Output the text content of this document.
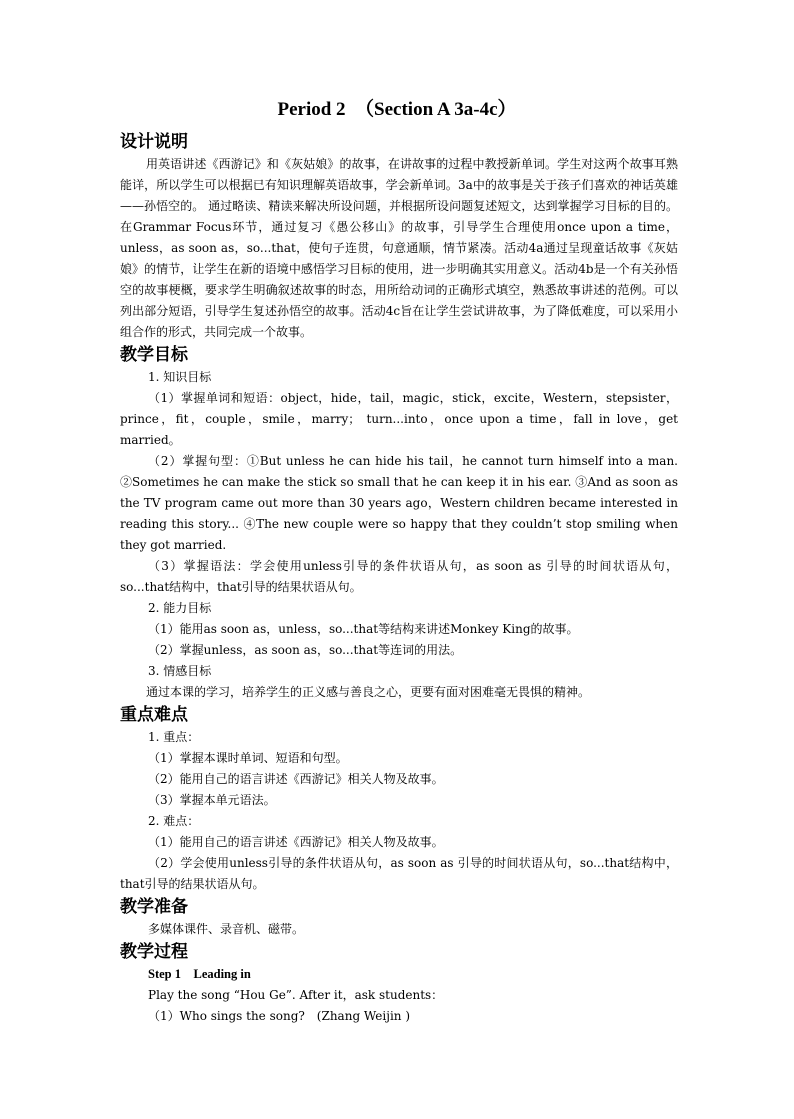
Period 2　（Section A 3a-4c）
设计说明

用英语讲述《西游记》和《灰姑娘》的故事，在讲故事的过程中教授新单词。学生对这两个故事耳熟能详，所以学生可以根据已有知识理解英语故事，学会新单词。3a中的故事是关于孩子们喜欢的神话英雄——孙悟空的。 通过略读、精读来解决所设问题，并根据所设问题复述短文，达到掌握学习目标的目的。在Grammar Focus环节，通过复习《愚公移山》的故事，引导学生合理使用once upon a time，unless，as soon as，so...that，使句子连贯，句意通顺，情节紧凑。活动4a通过呈现童话故事《灰姑娘》的情节，让学生在新的语境中感悟学习目标的使用，进一步明确其实用意义。活动4b是一个有关孙悟空的故事梗概，要求学生明确叙述故事的时态，用所给动词的正确形式填空，熟悉故事讲述的范例。可以列出部分短语，引导学生复述孙悟空的故事。活动4c旨在让学生尝试讲故事，为了降低难度，可以采用小组合作的形式，共同完成一个故事。

教学目标

1. 知识目标

（1）掌握单词和短语：object，hide，tail，magic，stick，excite，Western，stepsister，prince，fit，couple，smile，marry； turn...into，once upon a time，fall in love，get married。

（2）掌握句型：①But unless he can hide his tail，he cannot turn himself into a man. ②Sometimes he can make the stick so small that he can keep it in his ear. ③And as soon as the TV program came out more than 30 years ago，Western children became interested in reading this story... ④The new couple were so happy that they couldn’t stop smiling when they got married.

（3）掌握语法：学会使用unless引导的条件状语从句，as soon as 引导的时间状语从句，so...that结构中，that引导的结果状语从句。

2. 能力目标

（1）能用as soon as，unless，so...that等结构来讲述Monkey King的故事。

（2）掌握unless，as soon as，so...that等连词的用法。

3. 情感目标

通过本课的学习，培养学生的正义感与善良之心，更要有面对困难毫无畏惧的精神。

重点难点

1. 重点：

（1）掌握本课时单词、短语和句型。

（2）能用自己的语言讲述《西游记》相关人物及故事。

（3）掌握本单元语法。

2. 难点：

（1）能用自己的语言讲述《西游记》相关人物及故事。

（2）学会使用unless引导的条件状语从句，as soon as 引导的时间状语从句，so...that结构中，that引导的结果状语从句。

教学准备

多媒体课件、录音机、磁带。

教学过程

Step 1　Leading in

Play the song “Hou Ge”. After it，ask students：

（1）Who sings the song?　(Zhang Weijin )
